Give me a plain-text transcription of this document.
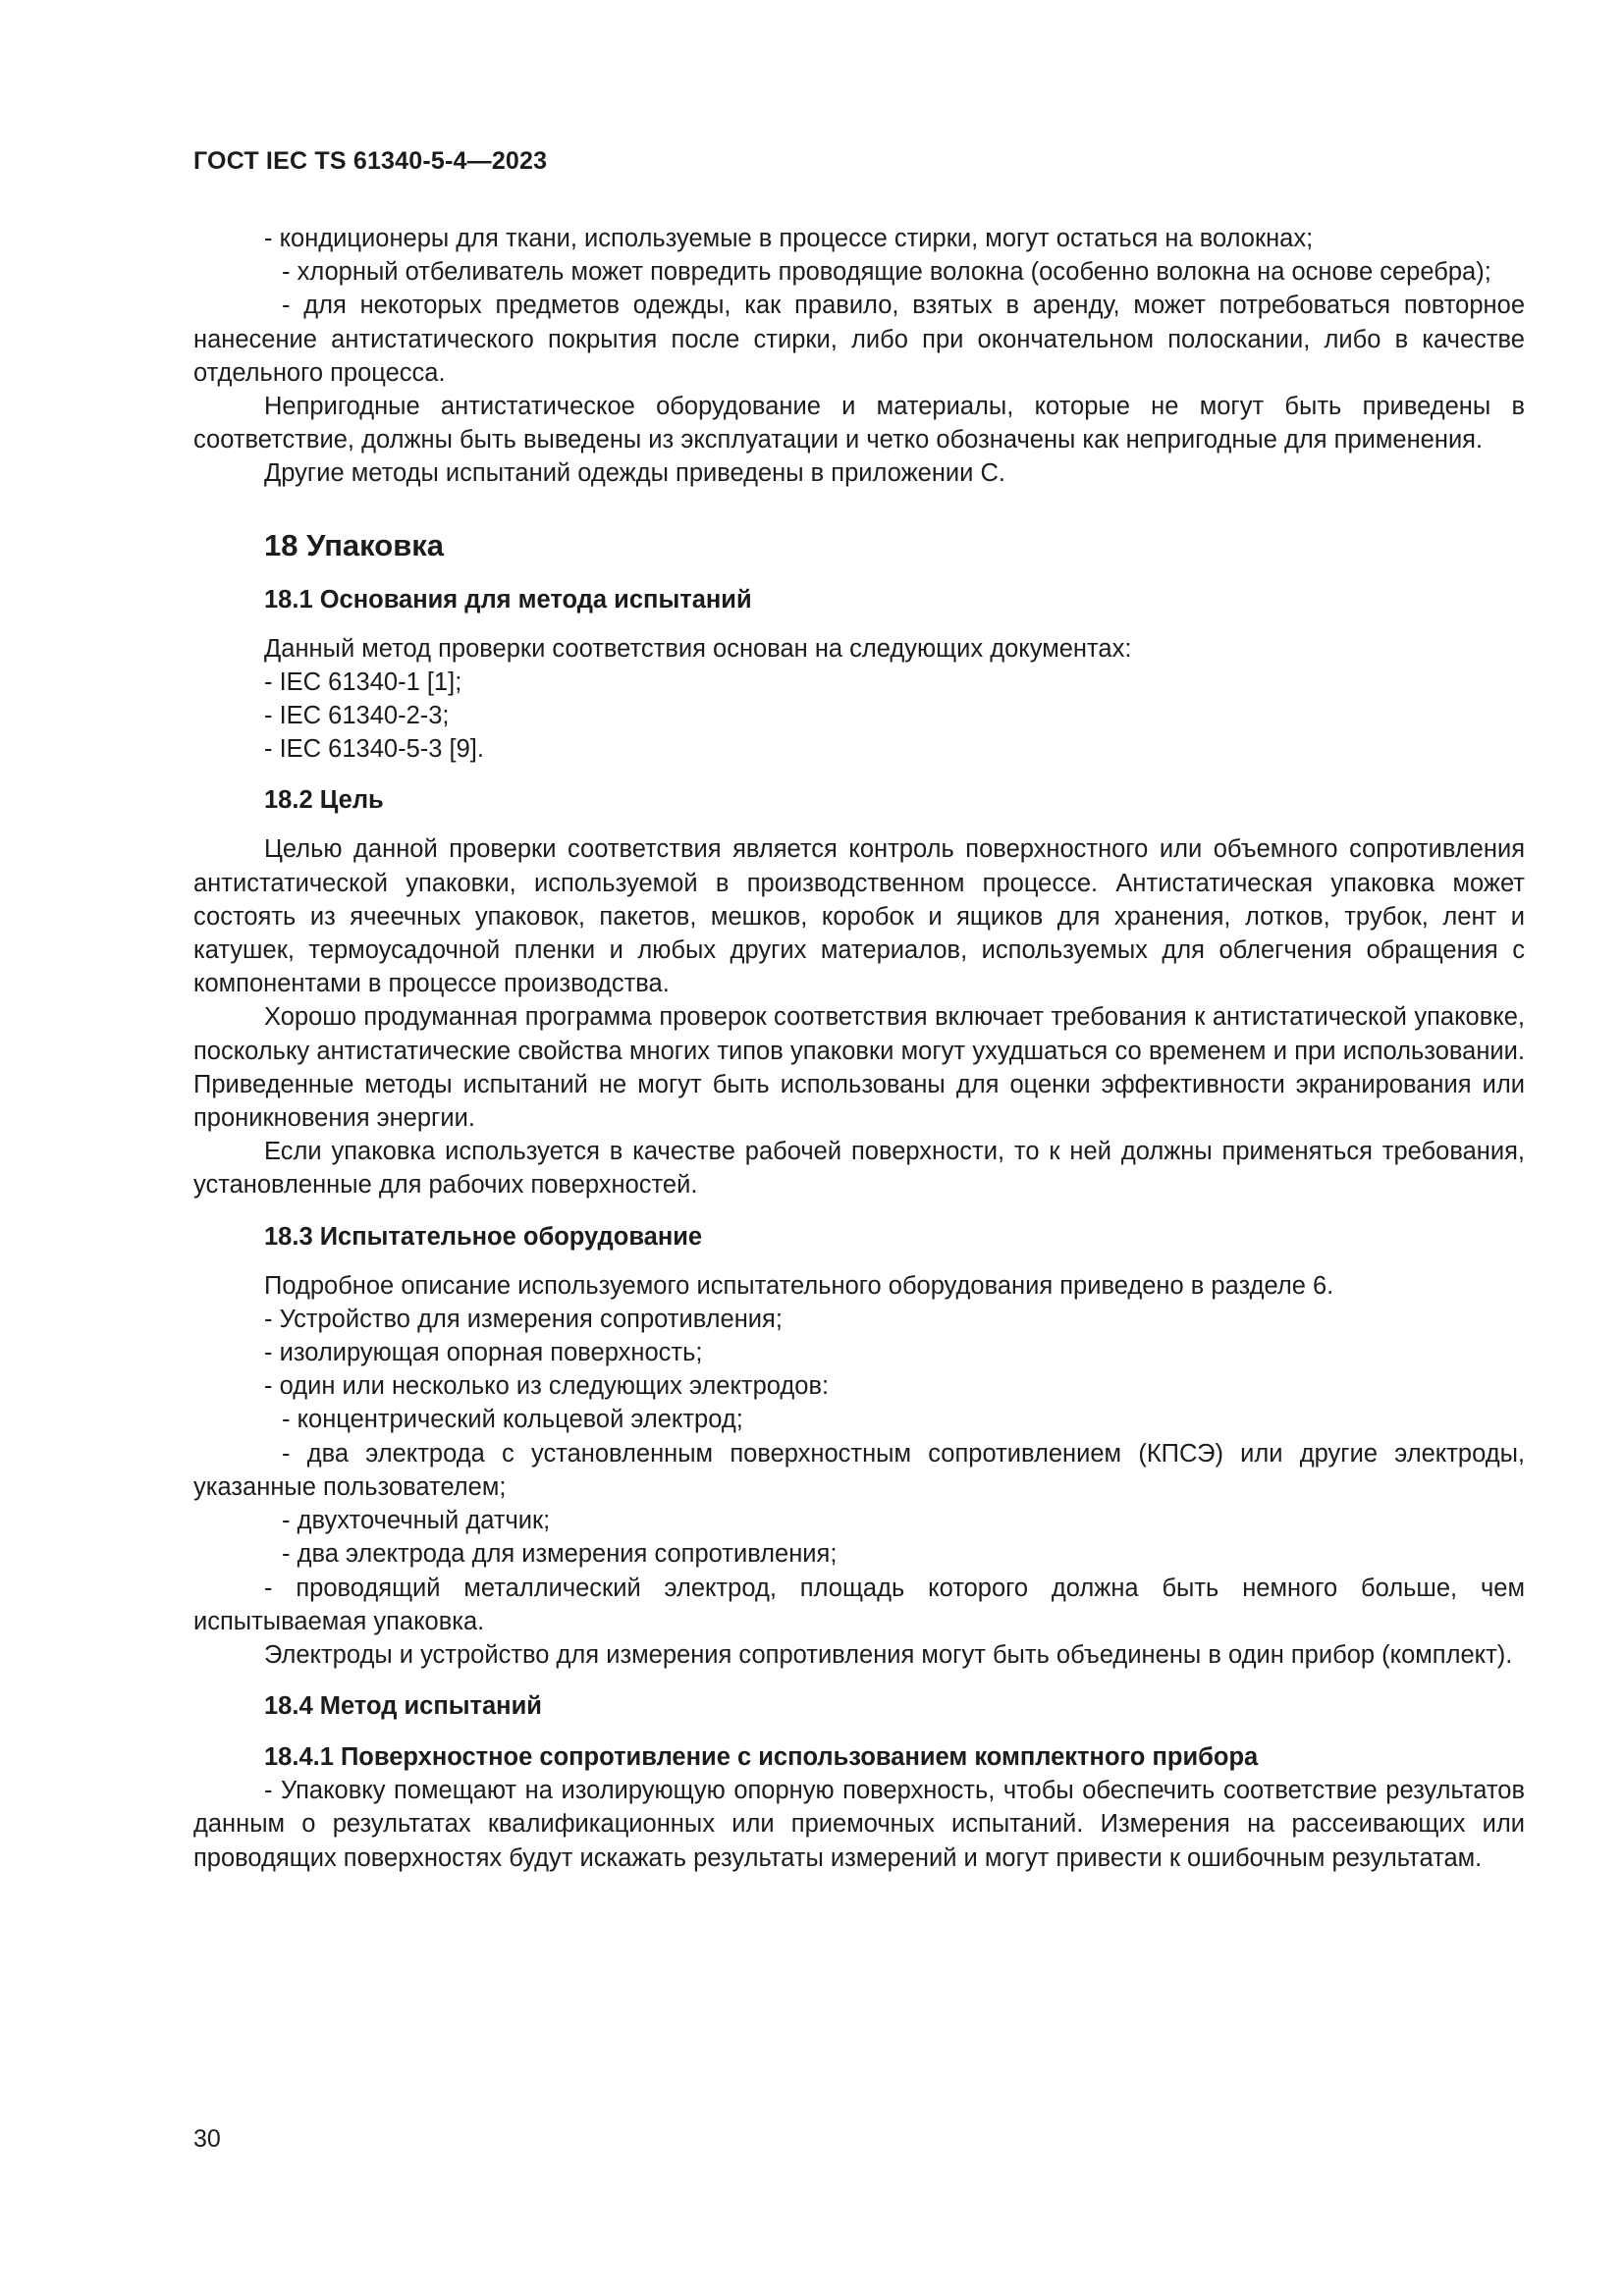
ГОСТ IEC TS 61340-5-4—2023

- кондиционеры для ткани, используемые в процессе стирки, могут остаться на волокнах;

- хлорный отбеливатель может повредить проводящие волокна (особенно волокна на основе серебра);

- для некоторых предметов одежды, как правило, взятых в аренду, может потребоваться повторное нанесение антистатического покрытия после стирки, либо при окончательном полоскании, либо в качестве отдельного процесса.

Непригодные антистатическое оборудование и материалы, которые не могут быть приведены в соответствие, должны быть выведены из эксплуатации и четко обозначены как непригодные для применения.

Другие методы испытаний одежды приведены в приложении С.

18 Упаковка
18.1 Основания для метода испытаний

Данный метод проверки соответствия основан на следующих документах:

- IEC 61340-1 [1];

- IEC 61340-2-3;

- IEC 61340-5-3 [9].

18.2 Цель

Целью данной проверки соответствия является контроль поверхностного или объемного сопротивления антистатической упаковки, используемой в производственном процессе. Антистатическая упаковка может состоять из ячеечных упаковок, пакетов, мешков, коробок и ящиков для хранения, лотков, трубок, лент и катушек, термоусадочной пленки и любых других материалов, используемых для облегчения обращения с компонентами в процессе производства.

Хорошо продуманная программа проверок соответствия включает требования к антистатической упаковке, поскольку антистатические свойства многих типов упаковки могут ухудшаться со временем и при использовании. Приведенные методы испытаний не могут быть использованы для оценки эффективности экранирования или проникновения энергии.

Если упаковка используется в качестве рабочей поверхности, то к ней должны применяться требования, установленные для рабочих поверхностей.

18.3 Испытательное оборудование

Подробное описание используемого испытательного оборудования приведено в разделе 6.

- Устройство для измерения сопротивления;

- изолирующая опорная поверхность;

- один или несколько из следующих электродов:

- концентрический кольцевой электрод;

- два электрода с установленным поверхностным сопротивлением (КПСЭ) или другие электроды, указанные пользователем;

- двухточечный датчик;

- два электрода для измерения сопротивления;

- проводящий металлический электрод, площадь которого должна быть немного больше, чем испытываемая упаковка.

Электроды и устройство для измерения сопротивления могут быть объединены в один прибор (комплект).

18.4 Метод испытаний
18.4.1 Поверхностное сопротивление с использованием комплектного прибора

- Упаковку помещают на изолирующую опорную поверхность, чтобы обеспечить соответствие результатов данным о результатах квалификационных или приемочных испытаний. Измерения на рассеивающих или проводящих поверхностях будут искажать результаты измерений и могут привести к ошибочным результатам.

30
